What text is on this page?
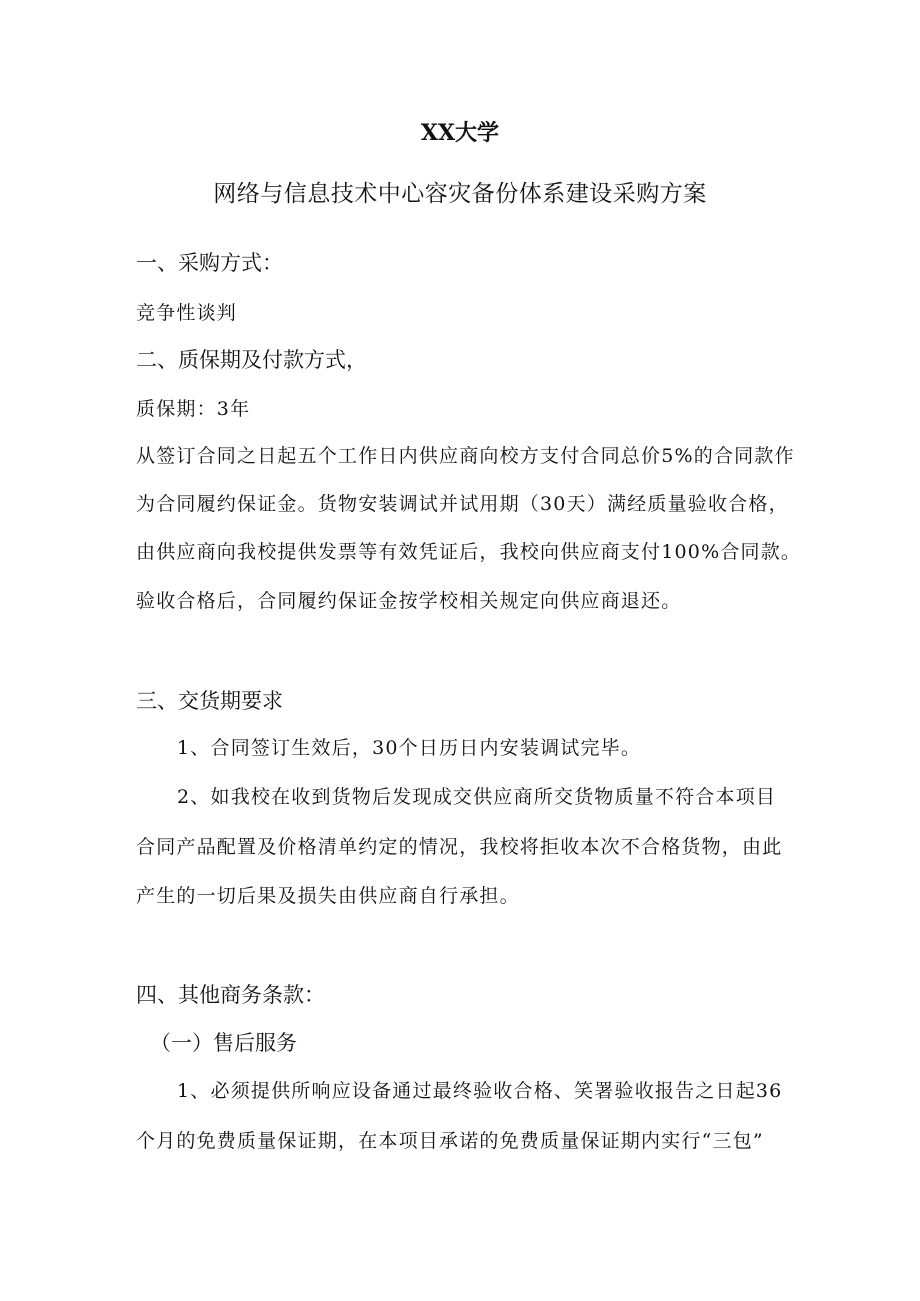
XX大学
网络与信息技术中心容灾备份体系建设采购方案
一、采购方式：
竞争性谈判
二、质保期及付款方式，
质保期：3年
从签订合同之日起五个工作日内供应商向校方支付合同总价5%的合同款作
为合同履约保证金。货物安装调试并试用期（30天）满经质量验收合格，
由供应商向我校提供发票等有效凭证后，我校向供应商支付100%合同款。
验收合格后，合同履约保证金按学校相关规定向供应商退还。
三、交货期要求
1、合同签订生效后，30个日历日内安装调试完毕。
2、如我校在收到货物后发现成交供应商所交货物质量不符合本项目
合同产品配置及价格清单约定的情况，我校将拒收本次不合格货物，由此
产生的一切后果及损失由供应商自行承担。
四、其他商务条款：
（一）售后服务
1、必须提供所响应设备通过最终验收合格、笑署验收报告之日起36
个月的免费质量保证期，在本项目承诺的免费质量保证期内实行“三包”
